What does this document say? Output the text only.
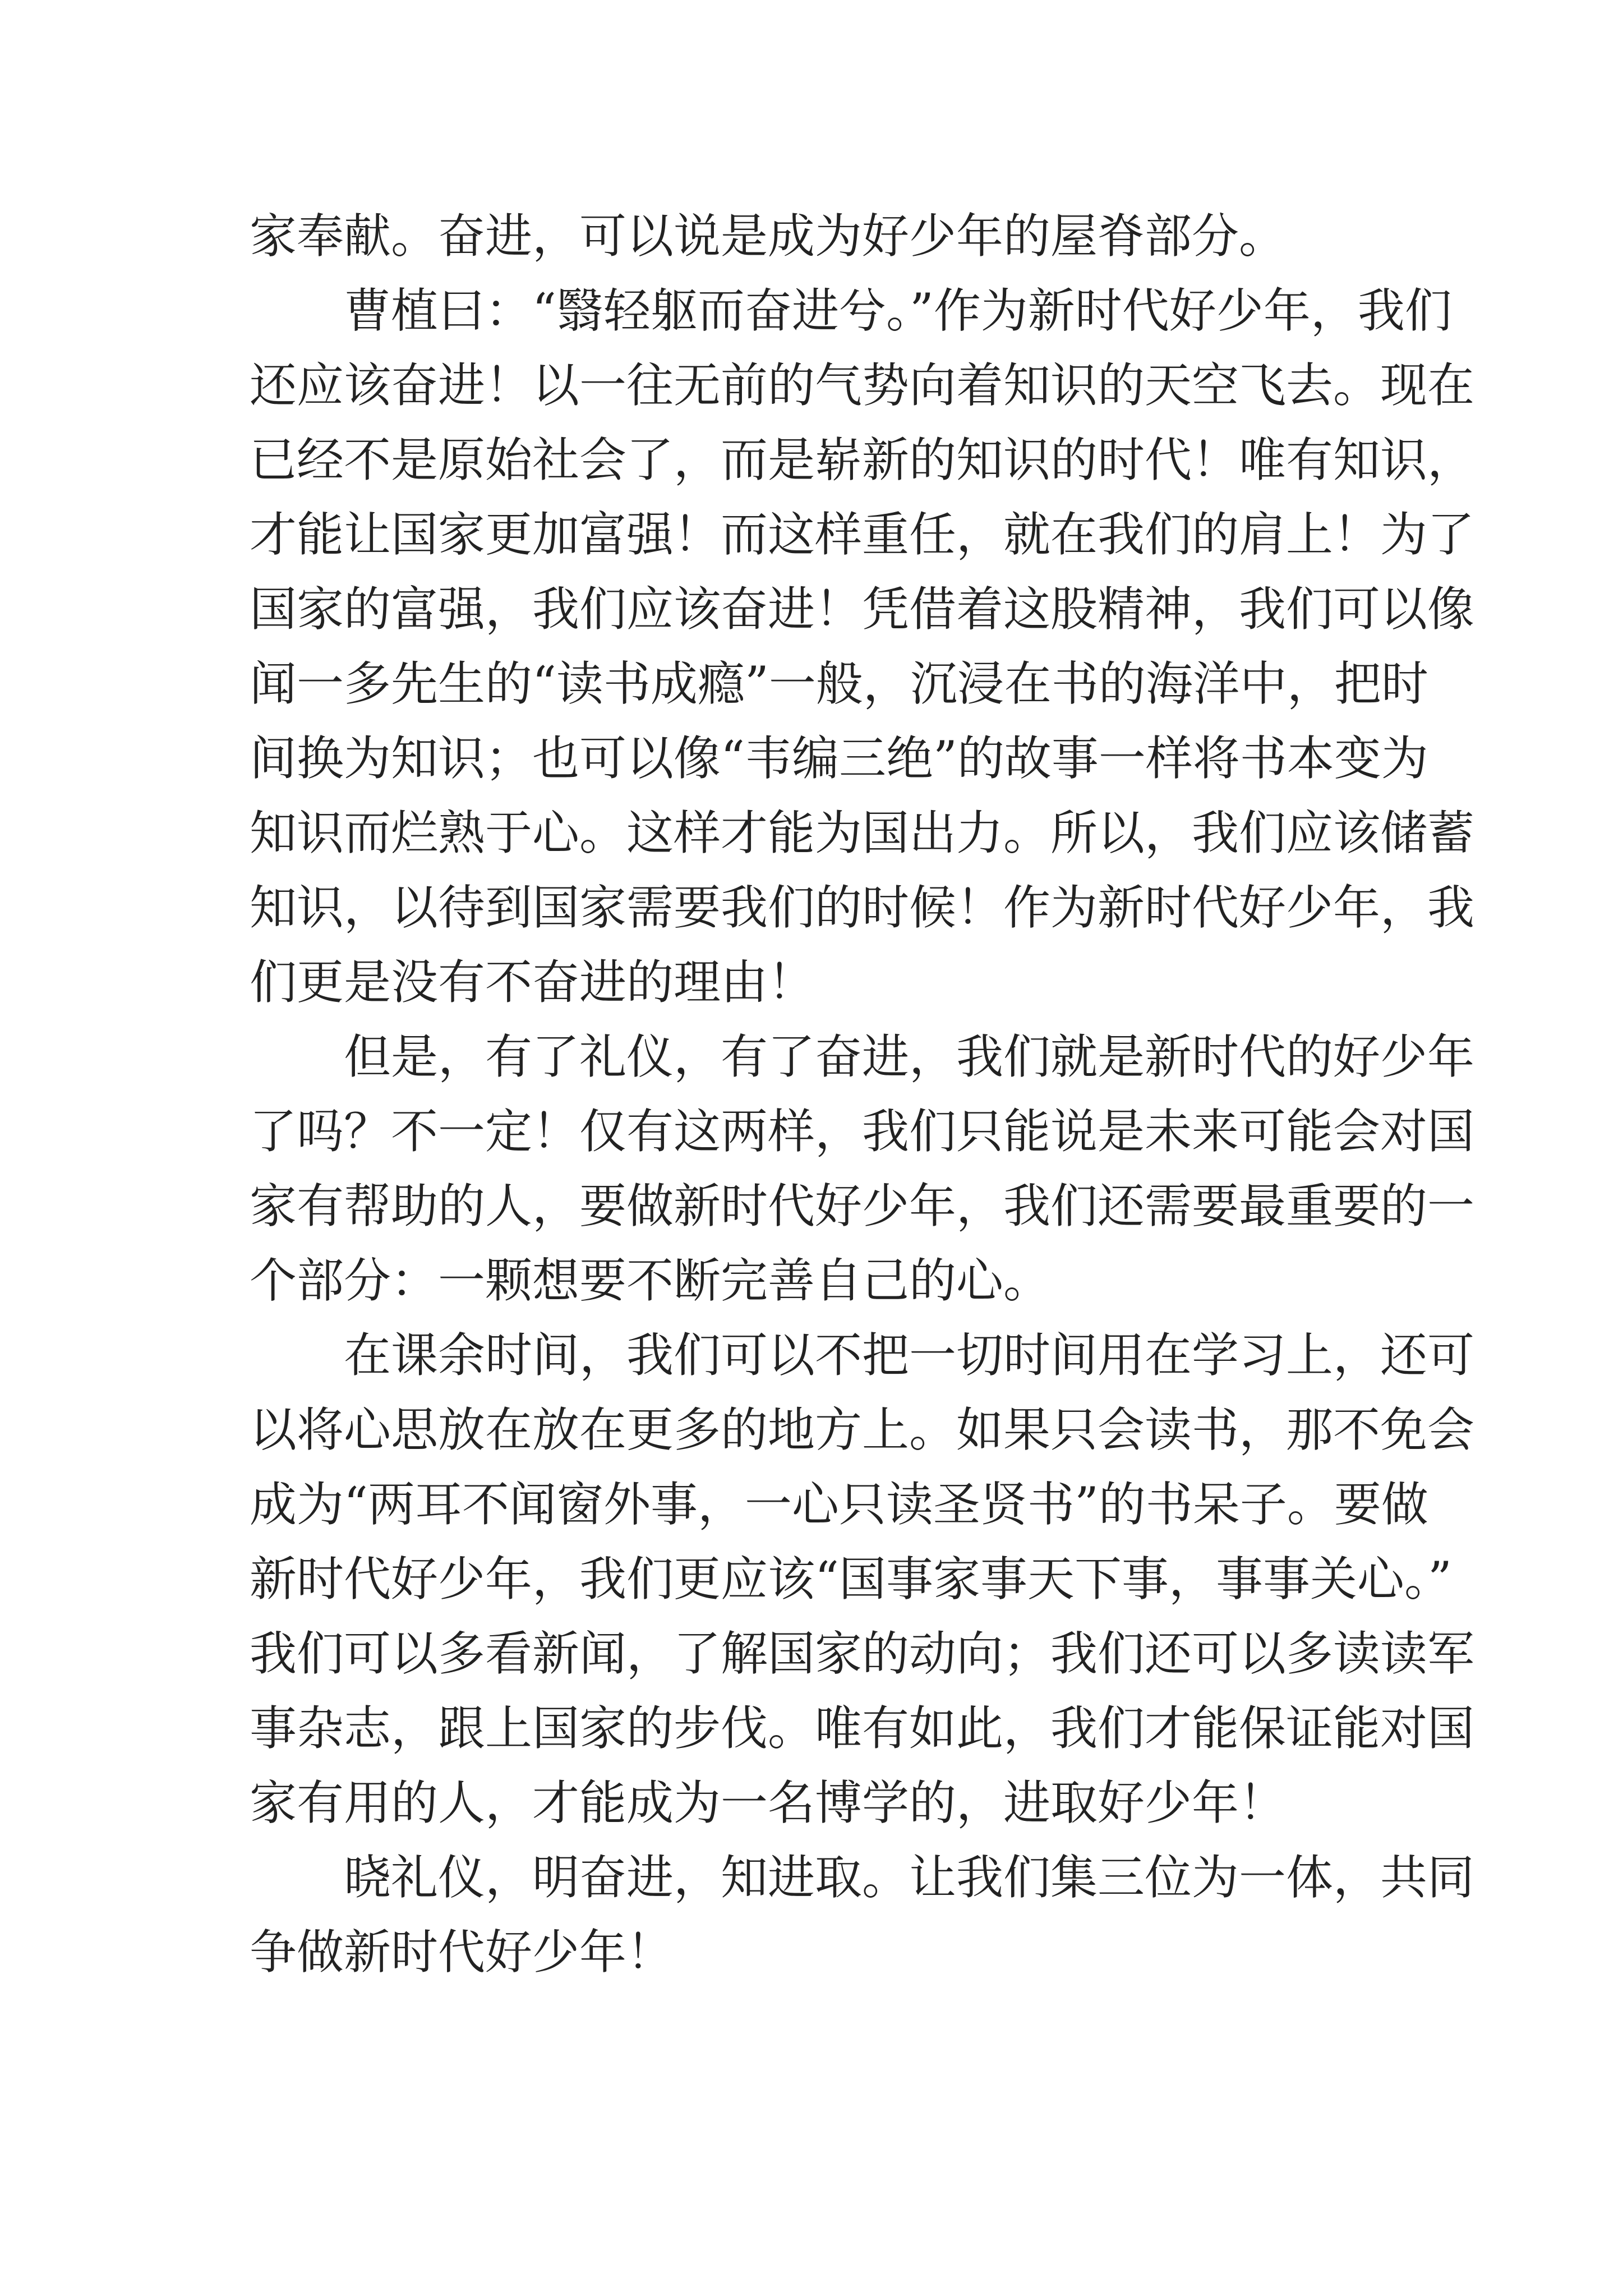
家奉献。奋进，可以说是成为好少年的屋脊部分。
曹植曰：“翳轻躯而奋进兮。”作为新时代好少年，我们
还应该奋进！以一往无前的气势向着知识的天空飞去。现在
已经不是原始社会了，而是崭新的知识的时代！唯有知识，
才能让国家更加富强！而这样重任，就在我们的肩上！为了
国家的富强，我们应该奋进！凭借着这股精神，我们可以像
闻一多先生的“读书成瘾”一般，沉浸在书的海洋中，把时
间换为知识；也可以像“韦编三绝”的故事一样将书本变为
知识而烂熟于心。这样才能为国出力。所以，我们应该储蓄
知识，以待到国家需要我们的时候！作为新时代好少年，我
们更是没有不奋进的理由！
但是，有了礼仪，有了奋进，我们就是新时代的好少年
了吗？不一定！仅有这两样，我们只能说是未来可能会对国
家有帮助的人，要做新时代好少年，我们还需要最重要的一
个部分：一颗想要不断完善自己的心。
在课余时间，我们可以不把一切时间用在学习上，还可
以将心思放在放在更多的地方上。如果只会读书，那不免会
成为“两耳不闻窗外事，一心只读圣贤书”的书呆子。要做
新时代好少年，我们更应该“国事家事天下事，事事关心。”
我们可以多看新闻，了解国家的动向；我们还可以多读读军
事杂志，跟上国家的步伐。唯有如此，我们才能保证能对国
家有用的人，才能成为一名博学的，进取好少年！
晓礼仪，明奋进，知进取。让我们集三位为一体，共同
争做新时代好少年！
